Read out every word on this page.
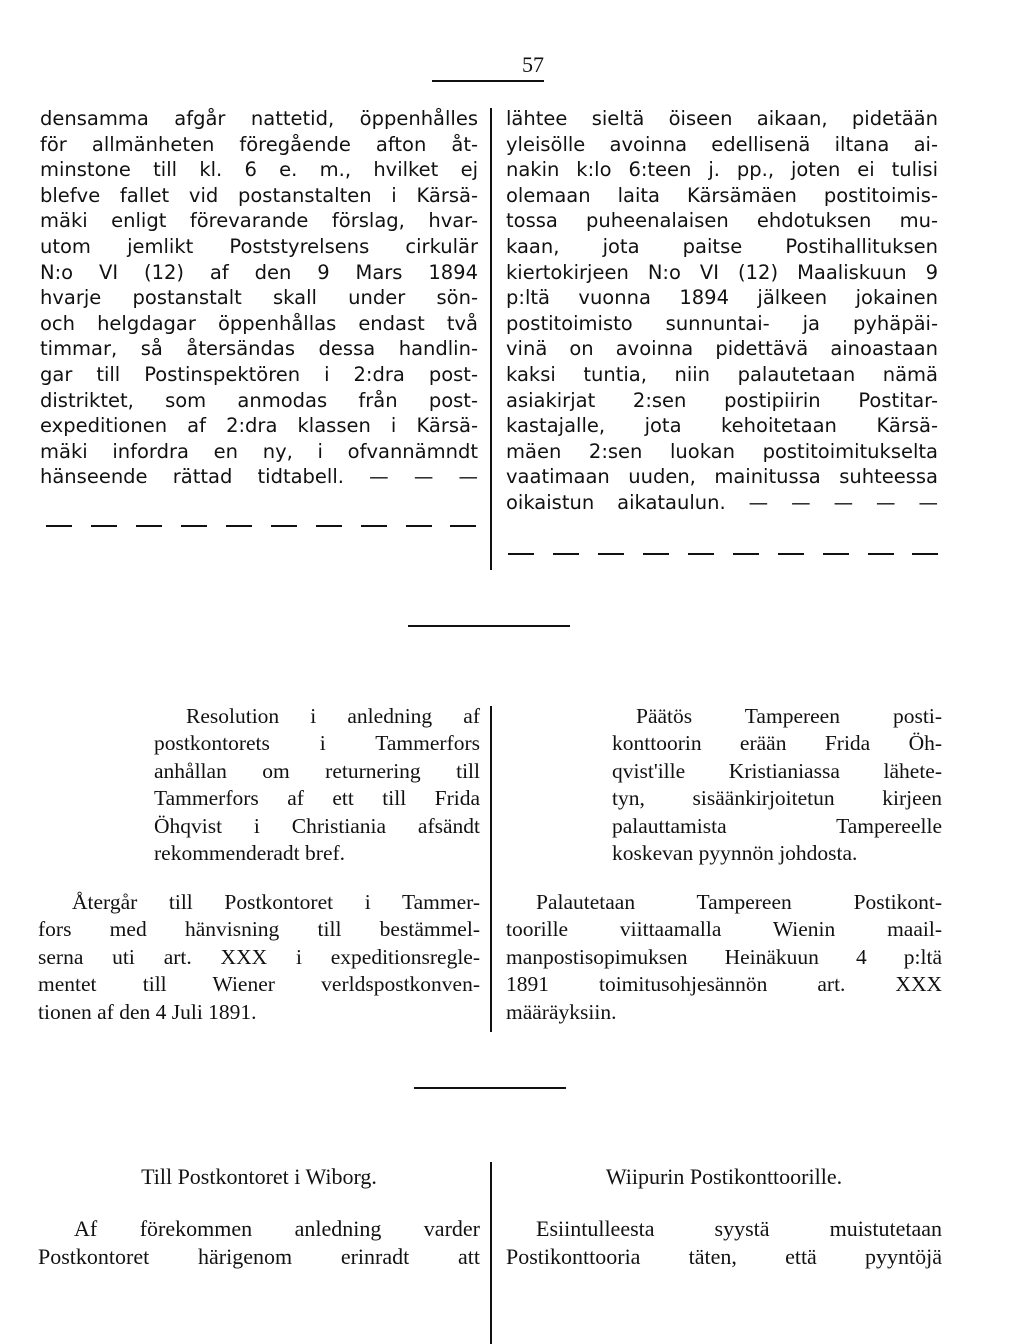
57
densamma afgår nattetid, öppenhålles
för allmänheten föregående afton åt-
minstone till kl. 6 e. m., hvilket ej
blefve fallet vid postanstalten i Kärsä-
mäki enligt förevarande förslag, hvar-
utom jemlikt Poststyrelsens cirkulär
N:o VI (12) af den 9 Mars 1894
hvarje postanstalt skall under sön-
och helgdagar öppenhållas endast två
timmar, så återsändas dessa handlin-
gar till Postinspektören i 2:dra post-
distriktet, som anmodas från post-
expeditionen af 2:dra klassen i Kärsä-
mäki infordra en ny, i ofvannämndt
hänseende rättad tidtabell. — — —
lähtee sieltä öiseen aikaan, pidetään
yleisölle avoinna edellisenä iltana ai-
nakin k:lo 6:teen j. pp., joten ei tulisi
olemaan laita Kärsämäen postitoimis-
tossa puheenalaisen ehdotuksen mu-
kaan, jota paitse Postihallituksen
kiertokirjeen N:o VI (12) Maaliskuun 9
p:ltä vuonna 1894 jälkeen jokainen
postitoimisto sunnuntai- ja pyhäpäi-
vinä on avoinna pidettävä ainoastaan
kaksi tuntia, niin palautetaan nämä
asiakirjat 2:sen postipiirin Postitar-
kastajalle, jota kehoitetaan Kärsä-
mäen 2:sen luokan postitoimitukselta
vaatimaan uuden, mainitussa suhteessa
oikaistun aikataulun. — — — — —
Resolution i anledning af
postkontorets i Tammerfors
anhållan om returnering till
Tammerfors af ett till Frida
Öhqvist i Christiania afsändt
rekommenderadt bref.
Päätös Tampereen posti-
konttoorin erään Frida Öh-
qvist'ille Kristianiassa lähete-
tyn, sisäänkirjoitetun kirjeen
palauttamista Tampereelle
koskevan pyynnön johdosta.
Återgår till Postkontoret i Tammer-
fors med hänvisning till bestämmel-
serna uti art. XXX i expeditionsregle-
mentet till Wiener verldspostkonven-
tionen af den 4 Juli 1891.
Palautetaan Tampereen Postikont-
toorille viittaamalla Wienin maail-
manpostisopimuksen Heinäkuun 4 p:ltä
1891 toimitusohjesännön art. XXX
määräyksiin.
Till Postkontoret i Wiborg.	Wiipurin Postikonttoorille.
Af förekommen anledning varder
Postkontoret härigenom erinradt att
Esiintulleesta syystä muistutetaan
Postikonttooria täten, että pyyntöjä
